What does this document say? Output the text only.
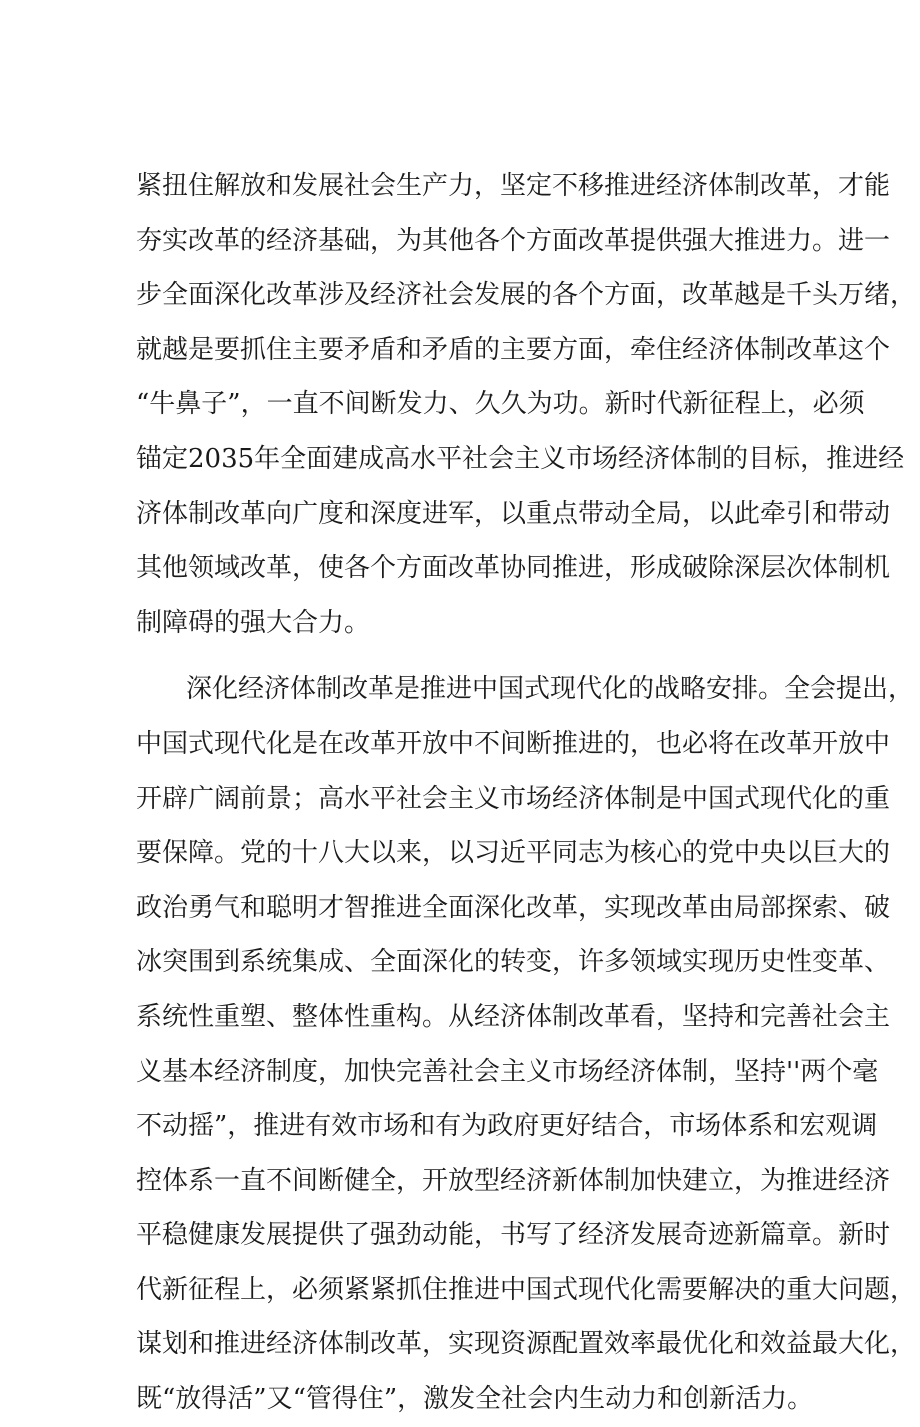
紧扭住解放和发展社会生产力，坚定不移推进经济体制改革，才能
夯实改革的经济基础，为其他各个方面改革提供强大推进力。进一
步全面深化改革涉及经济社会发展的各个方面，改革越是千头万绪，
就越是要抓住主要矛盾和矛盾的主要方面，牵住经济体制改革这个
“牛鼻子”，一直不间断发力、久久为功。新时代新征程上，必须
锚定2035年全面建成高水平社会主义市场经济体制的目标，推进经
济体制改革向广度和深度进军，以重点带动全局，以此牵引和带动
其他领域改革，使各个方面改革协同推进，形成破除深层次体制机
制障碍的强大合力。
深化经济体制改革是推进中国式现代化的战略安排。全会提出，
中国式现代化是在改革开放中不间断推进的，也必将在改革开放中
开辟广阔前景；高水平社会主义市场经济体制是中国式现代化的重
要保障。党的十八大以来，以习近平同志为核心的党中央以巨大的
政治勇气和聪明才智推进全面深化改革，实现改革由局部探索、破
冰突围到系统集成、全面深化的转变，许多领域实现历史性变革、
系统性重塑、整体性重构。从经济体制改革看，坚持和完善社会主
义基本经济制度，加快完善社会主义市场经济体制，坚持''两个毫
不动摇”，推进有效市场和有为政府更好结合，市场体系和宏观调
控体系一直不间断健全，开放型经济新体制加快建立，为推进经济
平稳健康发展提供了强劲动能，书写了经济发展奇迹新篇章。新时
代新征程上，必须紧紧抓住推进中国式现代化需要解决的重大问题，
谋划和推进经济体制改革，实现资源配置效率最优化和效益最大化，
既“放得活”又“管得住”，激发全社会内生动力和创新活力。
